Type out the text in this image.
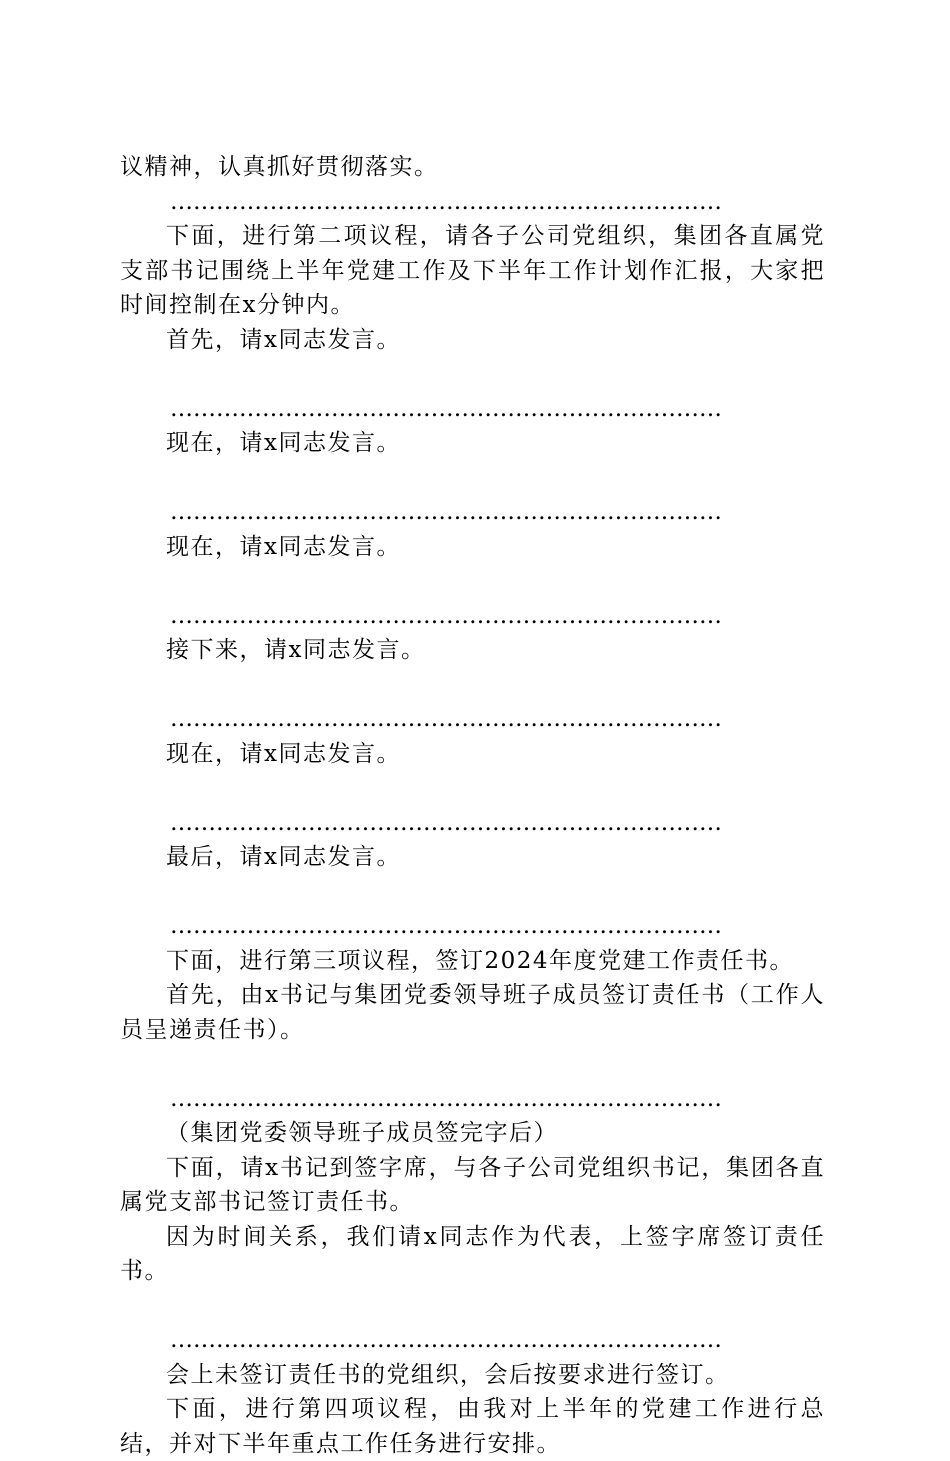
议精神，认真抓好贯彻落实。

………………………………………………………………

下面，进行第二项议程，请各子公司党组织，集团各直属党支部书记围绕上半年党建工作及下半年工作计划作汇报，大家把时间控制在x分钟内。

首先，请x同志发言。

………………………………………………………………

现在，请x同志发言。

………………………………………………………………

现在，请x同志发言。

………………………………………………………………

接下来，请x同志发言。

………………………………………………………………

现在，请x同志发言。

………………………………………………………………

最后，请x同志发言。

………………………………………………………………

下面，进行第三项议程，签订2024年度党建工作责任书。

首先，由x书记与集团党委领导班子成员签订责任书（工作人员呈递责任书）。

………………………………………………………………

（集团党委领导班子成员签完字后）

下面，请x书记到签字席，与各子公司党组织书记，集团各直属党支部书记签订责任书。

因为时间关系，我们请x同志作为代表，上签字席签订责任书。

………………………………………………………………

会上未签订责任书的党组织，会后按要求进行签订。

下面，进行第四项议程，由我对上半年的党建工作进行总结，并对下半年重点工作任务进行安排。
